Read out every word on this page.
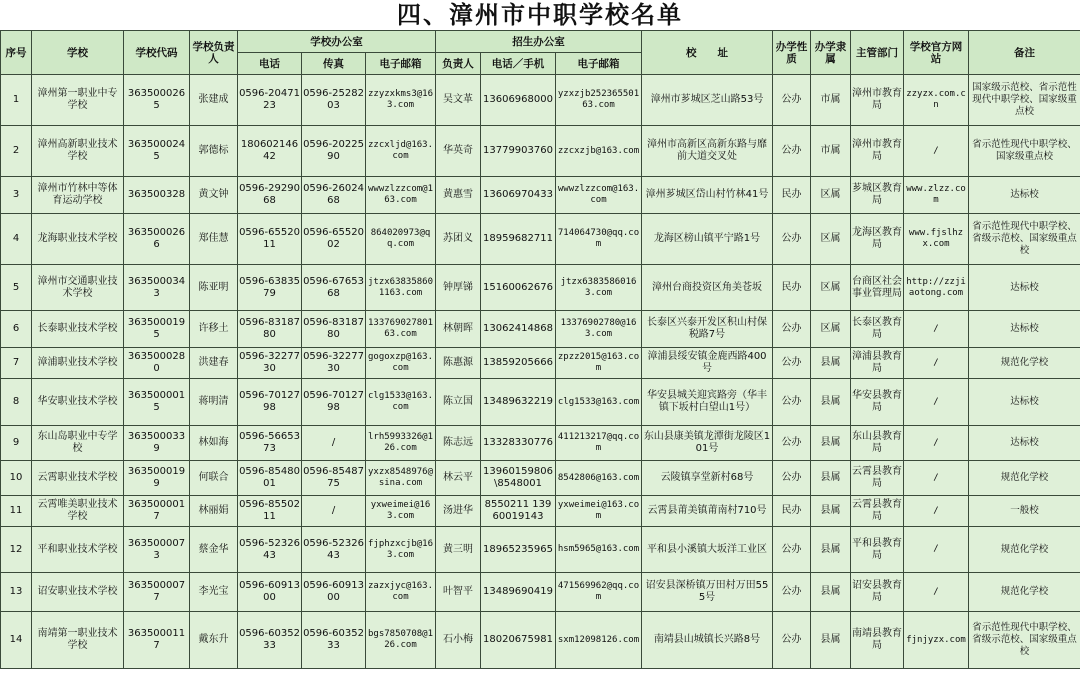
四、漳州市中职学校名单
序号	学校	学校代码	学校负责人	学校办公室			招生办公室			校　　址	办学性质	办学隶属	主管部门	学校官方网站	备注
				电话	传真	电子邮箱	负责人	电话／手机	电子邮箱						
1	漳州第一职业中专学校	3635000265	张建成	0596-2047123	0596-2528203	zzyzxkms3@163.com	吴文革	13606968000	yzxzjb25236550163.com	漳州市芗城区芝山路53号	公办	市属	漳州市教育局	zzyzx.com.cn	国家级示范校、省示范性现代中职学校、国家级重点校
2	漳州高新职业技术学校	3635000245	郭德标	18060214642	0596-2022590	zzcxljd@163.com	华英奇	13779903760	zzcxzjb@163.com	漳州市高新区高新东路与靡前大道交叉处	公办	市属	漳州市教育局	/	省示范性现代中职学校、国家级重点校
3	漳州市竹林中等体育运动学校	363500328	黄文钟	0596-2929068	0596-2602468	wwwzlzzcom@163.com	黄惠雪	13606970433	wwwzlzzcom@163.com	漳州芗城区岱山村竹林41号	民办	区属	芗城区教育局	www.zlzz.com	达标校
4	龙海职业技术学校	3635000266	郑佳慧	0596-6552011	0596-6552002	864020973@qq.com	苏团义	18959682711	714064730@qq.com	龙海区榜山镇平宁路1号	公办	区属	龙海区教育局	www.fjslhzx.com	省示范性现代中职学校、省级示范校、国家级重点校
5	漳州市交通职业技术学校	3635000343	陈亚明	0596-6383579	0596-6765368	jtzx638358601163.com	钟厚锑	15160062676	jtzx63835860163.com	漳州台商投资区角美苍坂	民办	区属	台商区社会事业管理局	http://zzjiaotong.com	达标校
6	长泰职业技术学校	3635000195	许移土	0596-8318780	0596-8318780	13376902780163.com	林朝晖	13062414868	13376902780@163.com	长泰区兴泰开发区积山村保税路7号	公办	区属	长泰区教育局	/	达标校
7	漳浦职业技术学校	3635000280	洪建春	0596-3227730	0596-3227730	gogoxzp@163.com	陈惠源	13859205666	zpzz2015@163.com	漳浦县绥安镇金鹿西路400号	公办	县属	漳浦县教育局	/	规范化学校
8	华安职业技术学校	3635000015	蒋明清	0596-7012798	0596-7012798	clg1533@163.com	陈立国	13489632219	clg1533@163.com	华安县城关迎宾路旁（华丰镇下坂村白望山1号）	公办	县属	华安县教育局	/	达标校
9	东山岛职业中专学校	3635000339	林如海	0596-5665373	/	lrh5993326@126.com	陈志远	13328330776	411213217@qq.com	东山县康美镇龙潭街龙陵区101号	公办	县属	东山县教育局	/	达标校
10	云霄职业技术学校	3635000199	何联合	0596-8548001	0596-8548775	yxzx8548976@sina.com	林云平	13960159806\8548001	8542806@163.com	云陵镇享堂新村68号	公办	县属	云霄县教育局	/	规范化学校
11	云霄唯美职业技术学校	3635000017	林丽娟	0596-8550211	/	yxweimei@163.com	汤进华	8550211 13960019143	yxweimei@163.com	云霄县莆美镇莆南村710号	民办	县属	云霄县教育局	/	一般校
12	平和职业技术学校	3635000073	蔡金华	0596-5232643	0596-5232643	fjphzxcjb@163.com	黄三明	18965235965	hsm5965@163.com	平和县小溪镇大坂洋工业区	公办	县属	平和县教育局	/	规范化学校
13	诏安职业技术学校	3635000077	李光宝	0596-6091300	0596-6091300	zazxjyc@163.com	叶智平	13489690419	471569962@qq.com	诏安县深桥镇万田村万田555号	公办	县属	诏安县教育局	/	规范化学校
14	南靖第一职业技术学校	3635000117	戴东升	0596-6035233	0596-6035233	bgs7850708@126.com	石小梅	18020675981	sxm12098126.com	南靖县山城镇长兴路8号	公办	县属	南靖县教育局	fjnjyzx.com	省示范性现代中职学校、省级示范校、国家级重点校
